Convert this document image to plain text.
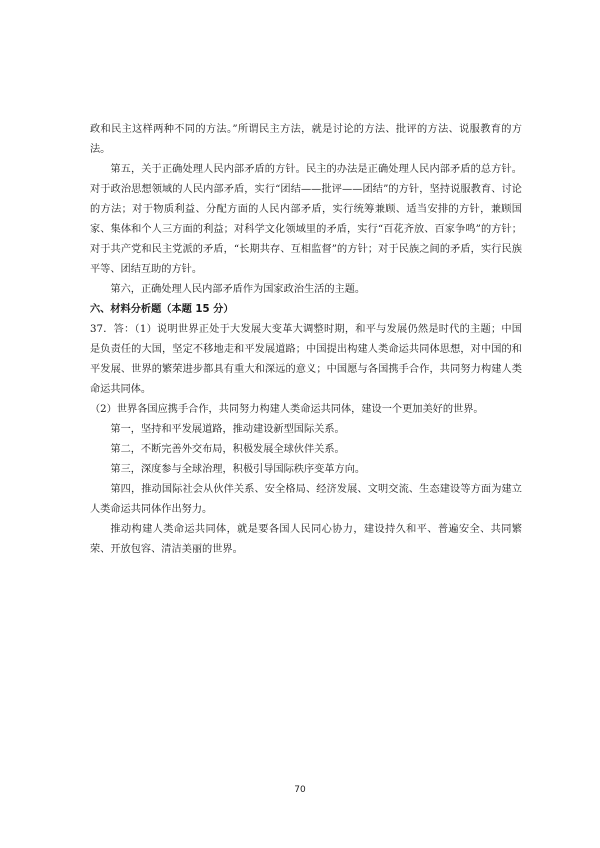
政和民主这样两种不同的方法。”所谓民主方法，就是讨论的方法、批评的方法、说服教育的方法。

第五，关于正确处理人民内部矛盾的方针。民主的办法是正确处理人民内部矛盾的总方针。对于政治思想领域的人民内部矛盾，实行“团结——批评——团结”的方针，坚持说服教育、讨论的方法；对于物质利益、分配方面的人民内部矛盾，实行统筹兼顾、适当安排的方针，兼顾国家、集体和个人三方面的利益；对科学文化领域里的矛盾，实行“百花齐放、百家争鸣”的方针；对于共产党和民主党派的矛盾，“长期共存、互相监督”的方针；对于民族之间的矛盾，实行民族平等、团结互助的方针。

第六，正确处理人民内部矛盾作为国家政治生活的主题。

六、材料分析题（本题 15 分）

37．答：（1）说明世界正处于大发展大变革大调整时期，和平与发展仍然是时代的主题；中国是负责任的大国，坚定不移地走和平发展道路；中国提出构建人类命运共同体思想，对中国的和平发展、世界的繁荣进步都具有重大和深远的意义；中国愿与各国携手合作，共同努力构建人类命运共同体。

（2）世界各国应携手合作，共同努力构建人类命运共同体，建设一个更加美好的世界。

第一，坚持和平发展道路，推动建设新型国际关系。

第二，不断完善外交布局，积极发展全球伙伴关系。

第三，深度参与全球治理，积极引导国际秩序变革方向。

第四，推动国际社会从伙伴关系、安全格局、经济发展、文明交流、生态建设等方面为建立人类命运共同体作出努力。

推动构建人类命运共同体，就是要各国人民同心协力，建设持久和平、普遍安全、共同繁荣、开放包容、清洁美丽的世界。

70
